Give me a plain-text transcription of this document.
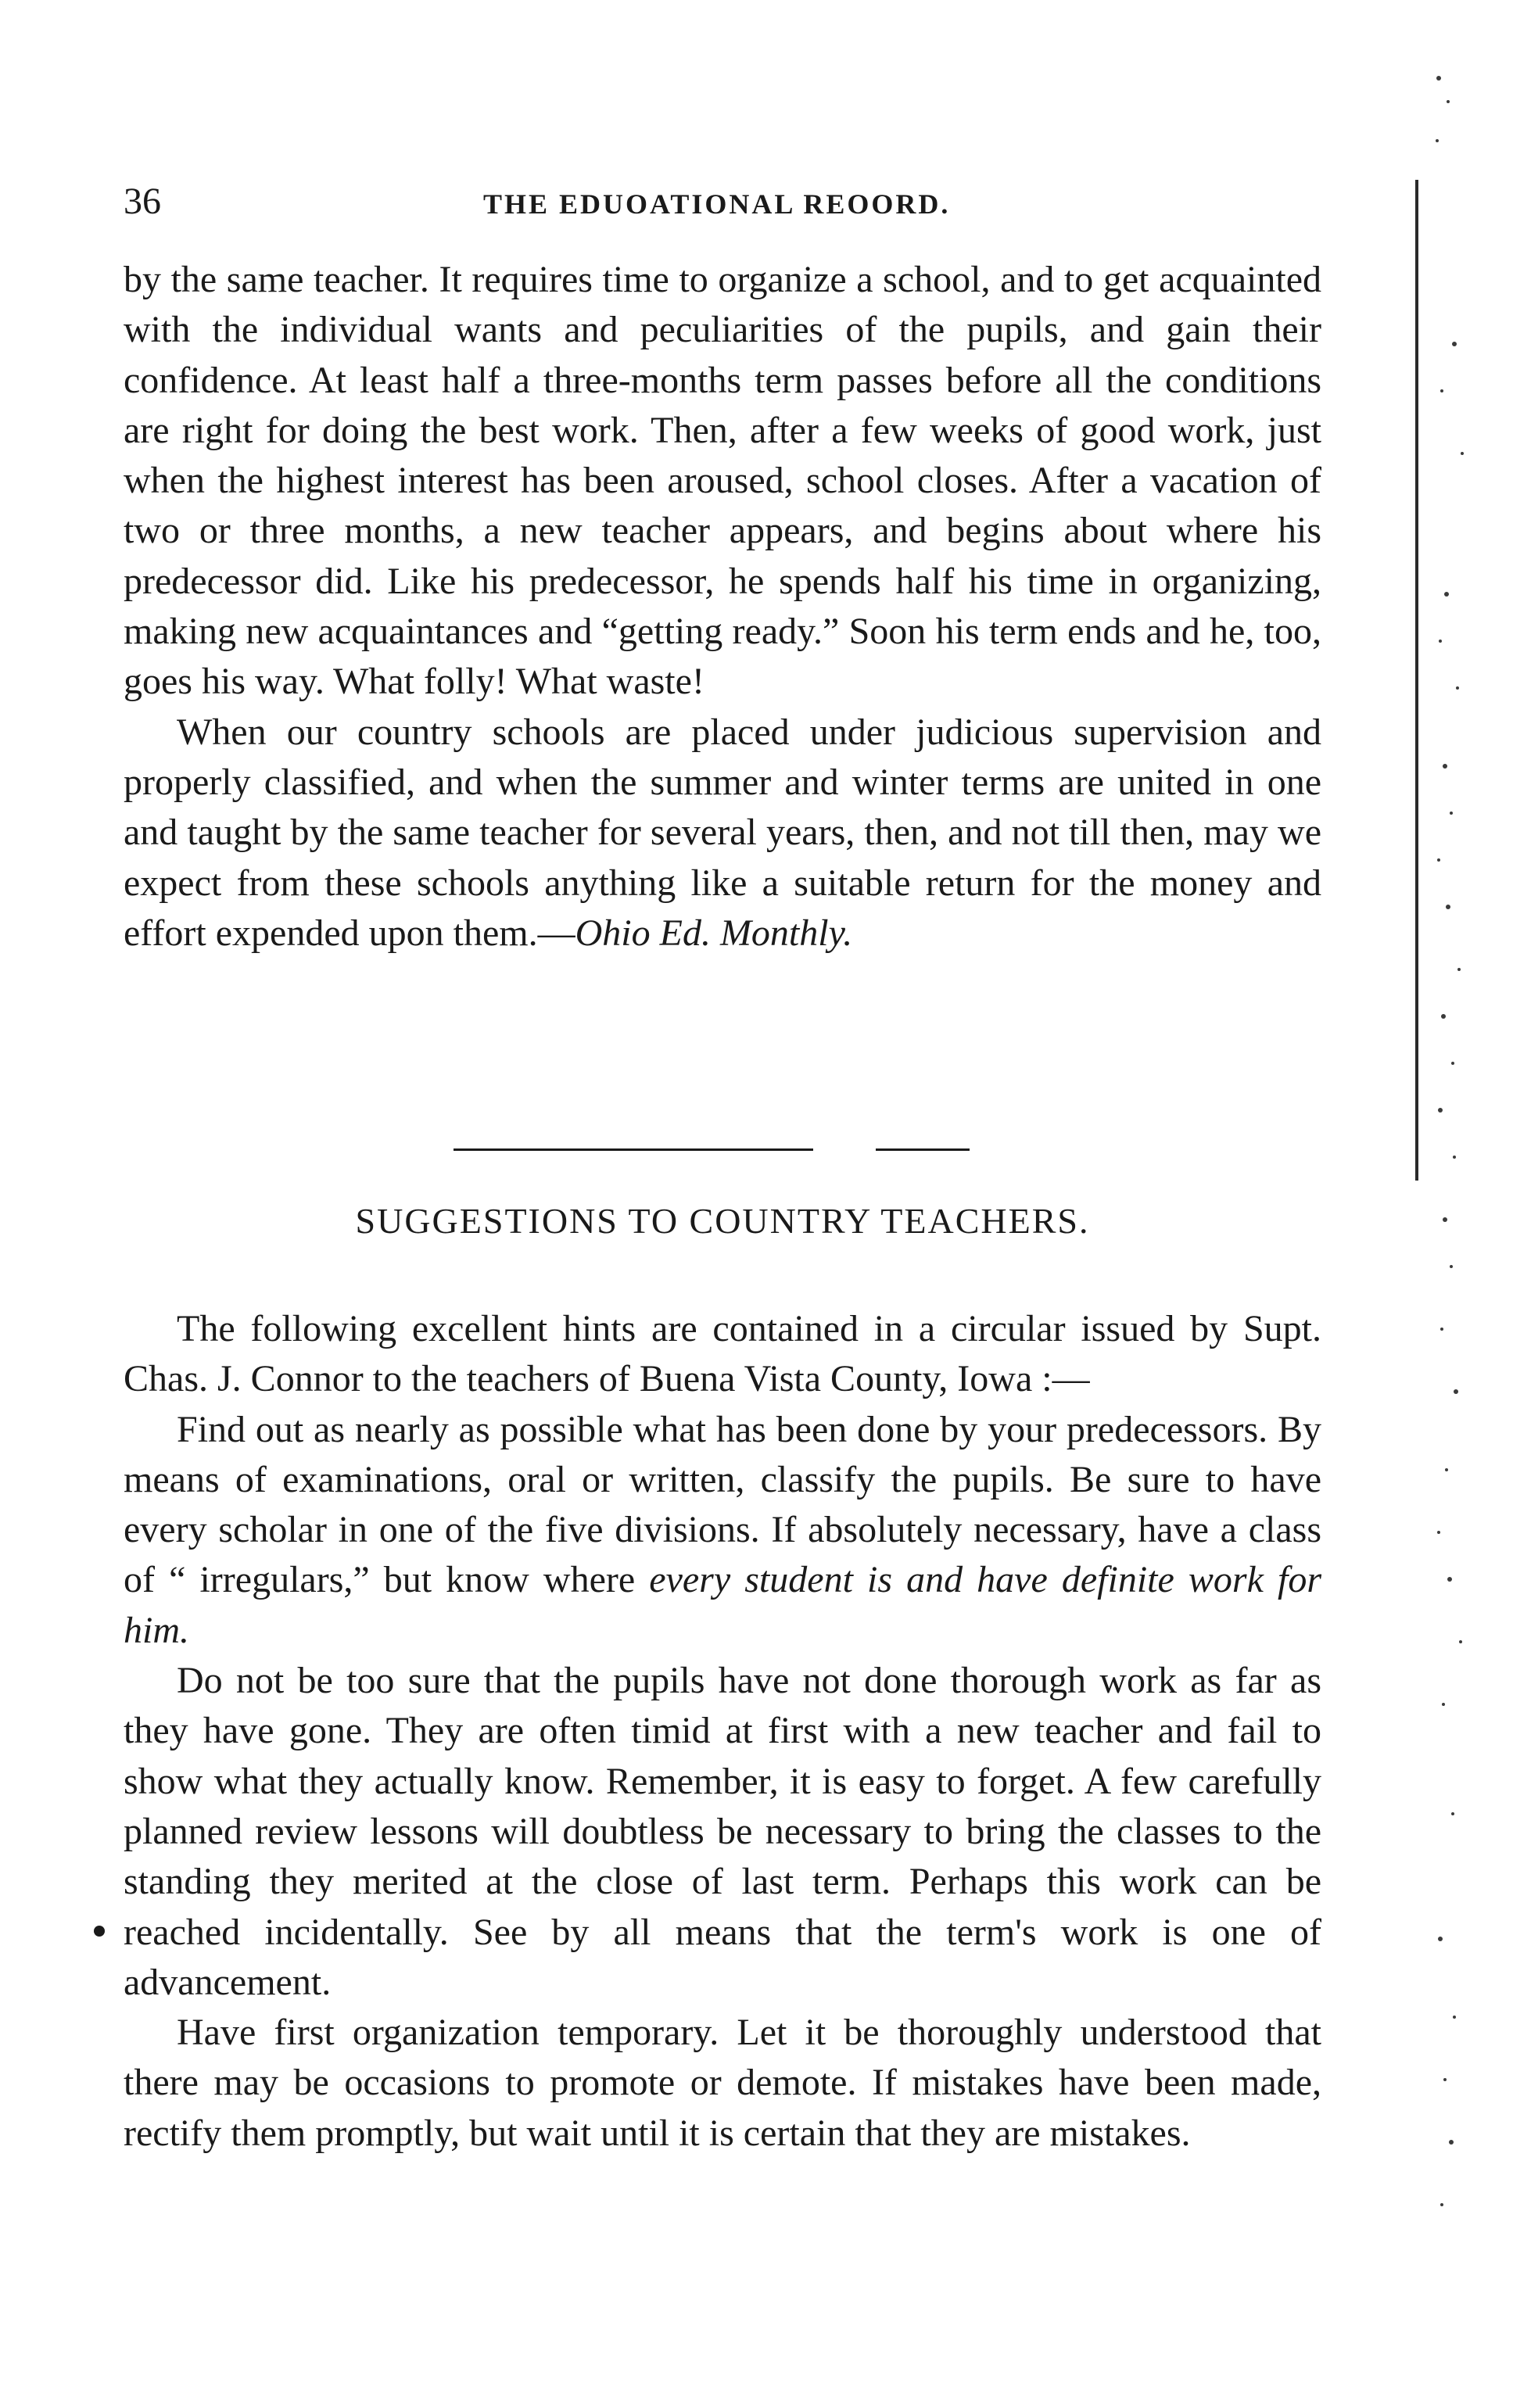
36	THE EDUOATIONAL REOORD.

by the same teacher. It requires time to organize a school, and to get acquainted with the individual wants and peculiarities of the pupils, and gain their confidence. At least half a three-months term passes before all the conditions are right for doing the best work. Then, after a few weeks of good work, just when the highest interest has been aroused, school closes. After a vacation of two or three months, a new teacher appears, and begins about where his predecessor did. Like his predecessor, he spends half his time in organizing, making new acquaintances and “getting ready.” Soon his term ends and he, too, goes his way. What folly! What waste!

When our country schools are placed under judicious supervision and properly classified, and when the summer and winter terms are united in one and taught by the same teacher for several years, then, and not till then, may we expect from these schools anything like a suitable return for the money and effort expended upon them.—Ohio Ed. Monthly.

SUGGESTIONS TO COUNTRY TEACHERS.

The following excellent hints are contained in a circular issued by Supt. Chas. J. Connor to the teachers of Buena Vista County, Iowa :—

Find out as nearly as possible what has been done by your predecessors. By means of examinations, oral or written, classify the pupils. Be sure to have every scholar in one of the five divisions. If absolutely necessary, have a class of “ irregulars,” but know where every student is and have definite work for him.

Do not be too sure that the pupils have not done thorough work as far as they have gone. They are often timid at first with a new teacher and fail to show what they actually know. Remember, it is easy to forget. A few carefully planned review lessons will doubtless be necessary to bring the classes to the standing they merited at the close of last term. Perhaps this work can be reached incidentally. See by all means that the term's work is one of advancement.

Have first organization temporary. Let it be thoroughly understood that there may be occasions to promote or demote. If mistakes have been made, rectify them promptly, but wait until it is certain that they are mistakes.
